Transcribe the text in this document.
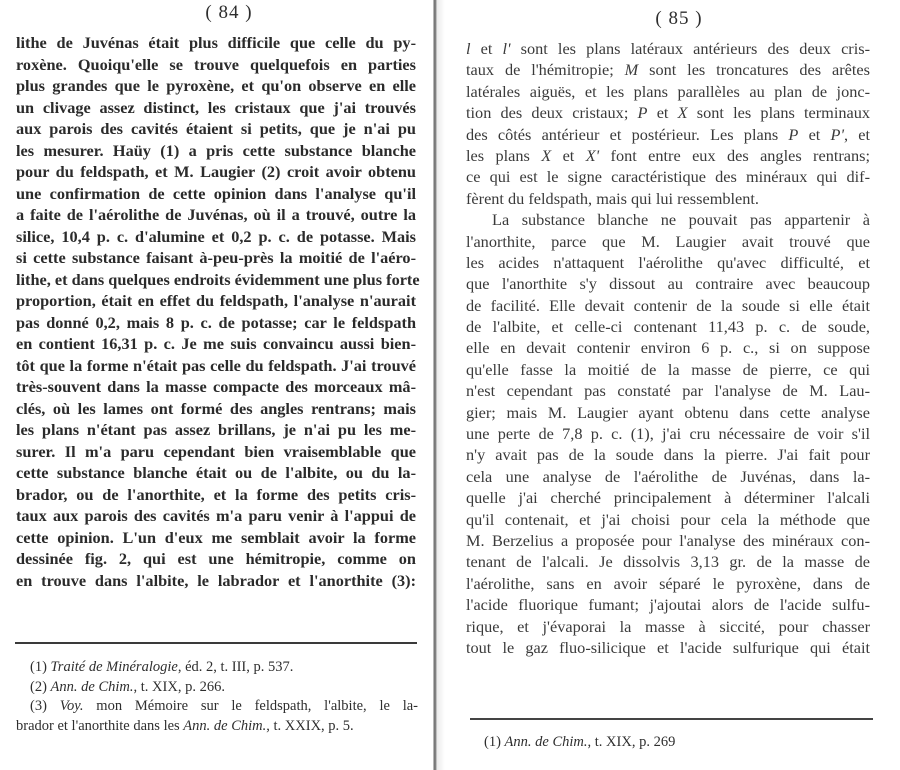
( 84 )
lithe de Juvénas était plus difficile que celle du py-
roxène. Quoiqu'elle se trouve quelquefois en parties
plus grandes que le pyroxène, et qu'on observe en elle
un clivage assez distinct, les cristaux que j'ai trouvés
aux parois des cavités étaient si petits, que je n'ai pu
les mesurer. Haüy (1) a pris cette substance blanche
pour du feldspath, et M. Laugier (2) croit avoir obtenu
une confirmation de cette opinion dans l'analyse qu'il
a faite de l'aérolithe de Juvénas, où il a trouvé, outre la
silice, 10,4 p. c. d'alumine et 0,2 p. c. de potasse. Mais
si cette substance faisant à-peu-près la moitié de l'aéro-
lithe, et dans quelques endroits évidemment une plus forte
proportion, était en effet du feldspath, l'analyse n'aurait
pas donné 0,2, mais 8 p. c. de potasse; car le feldspath
en contient 16,31 p. c. Je me suis convaincu aussi bien-
tôt que la forme n'était pas celle du feldspath. J'ai trouvé
très-souvent dans la masse compacte des morceaux mâ-
clés, où les lames ont formé des angles rentrans; mais
les plans n'étant pas assez brillans, je n'ai pu les me-
surer. Il m'a paru cependant bien vraisemblable que
cette substance blanche était ou de l'albite, ou du la-
brador, ou de l'anorthite, et la forme des petits cris-
taux aux parois des cavités m'a paru venir à l'appui de
cette opinion. L'un d'eux me semblait avoir la forme
dessinée fig. 2, qui est une hémitropie, comme on
en trouve dans l'albite, le labrador et l'anorthite (3):
(1) Traité de Minéralogie, éd. 2, t. III, p. 537.
(2) Ann. de Chim., t. XIX, p. 266.
(3) Voy. mon Mémoire sur le feldspath, l'albite, le la-
brador et l'anorthite dans les Ann. de Chim., t. XXIX, p. 5.
( 85 )
l et l' sont les plans latéraux antérieurs des deux cris-
taux de l'hémitropie; M sont les troncatures des arêtes
latérales aiguës, et les plans parallèles au plan de jonc-
tion des deux cristaux; P et X sont les plans terminaux
des côtés antérieur et postérieur. Les plans P et P', et
les plans X et X' font entre eux des angles rentrans;
ce qui est le signe caractéristique des minéraux qui dif-
fèrent du feldspath, mais qui lui ressemblent.
La substance blanche ne pouvait pas appartenir à
l'anorthite, parce que M. Laugier avait trouvé que
les acides n'attaquent l'aérolithe qu'avec difficulté, et
que l'anorthite s'y dissout au contraire avec beaucoup
de facilité. Elle devait contenir de la soude si elle était
de l'albite, et celle-ci contenant 11,43 p. c. de soude,
elle en devait contenir environ 6 p. c., si on suppose
qu'elle fasse la moitié de la masse de pierre, ce qui
n'est cependant pas constaté par l'analyse de M. Lau-
gier; mais M. Laugier ayant obtenu dans cette analyse
une perte de 7,8 p. c. (1), j'ai cru nécessaire de voir s'il
n'y avait pas de la soude dans la pierre. J'ai fait pour
cela une analyse de l'aérolithe de Juvénas, dans la-
quelle j'ai cherché principalement à déterminer l'alcali
qu'il contenait, et j'ai choisi pour cela la méthode que
M. Berzelius a proposée pour l'analyse des minéraux con-
tenant de l'alcali. Je dissolvis 3,13 gr. de la masse de
l'aérolithe, sans en avoir séparé le pyroxène, dans de
l'acide fluorique fumant; j'ajoutai alors de l'acide sulfu-
rique, et j'évaporai la masse à siccité, pour chasser
tout le gaz fluo-silicique et l'acide sulfurique qui était
(1) Ann. de Chim., t. XIX, p. 269
